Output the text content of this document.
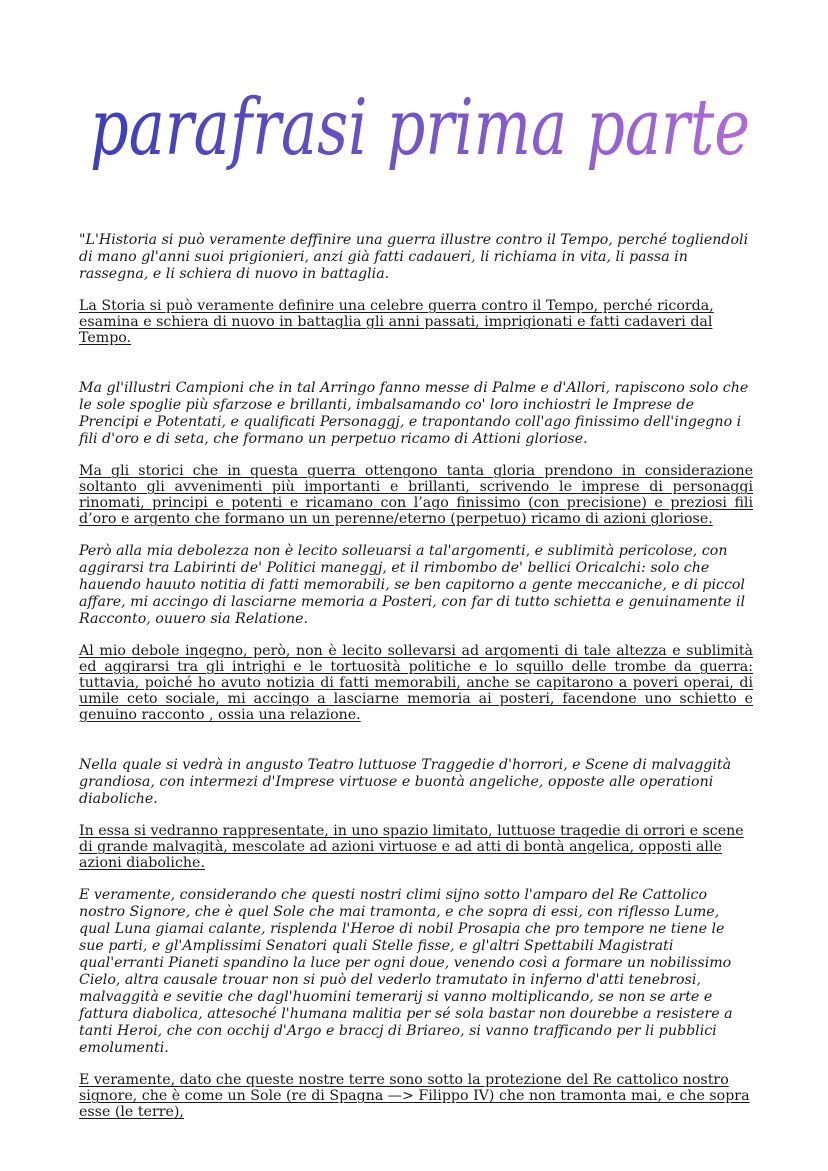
parafrasi prima parte

"L'Historia si può veramente deffinire una guerra illustre contro il Tempo, perché togliendoli di mano gl'anni suoi prigionieri, anzi già fatti cadaueri, li richiama in vita, li passa in rassegna, e li schiera di nuovo in battaglia.

La Storia si può veramente definire una celebre guerra contro il Tempo, perché ricorda, esamina e schiera di nuovo in battaglia gli anni passati, imprigionati e fatti cadaveri dal Tempo.

Ma gl'illustri Campioni che in tal Arringo fanno messe di Palme e d'Allori, rapiscono solo che le sole spoglie più sfarzose e brillanti, imbalsamando co' loro inchiostri le Imprese de Prencipi e Potentati, e qualificati Personaggj, e trapontando coll'ago finissimo dell'ingegno i fili d'oro e di seta, che formano un perpetuo ricamo di Attioni gloriose.

Ma gli storici che in questa guerra ottengono tanta gloria prendono in considerazione soltanto gli avvenimenti più importanti e brillanti, scrivendo le imprese di personaggi rinomati, principi e potenti e ricamano con l’ago finissimo (con precisione) e preziosi fili d’oro e argento che formano un un perenne/eterno (perpetuo) ricamo di azioni gloriose.

Però alla mia debolezza non è lecito solleuarsi a tal'argomenti, e sublimità pericolose, con aggirarsi tra Labirinti de' Politici maneggj, et il rimbombo de' bellici Oricalchi: solo che hauendo hauuto notitia di fatti memorabili, se ben capitorno a gente meccaniche, e di piccol affare, mi accingo di lasciarne memoria a Posteri, con far di tutto schietta e genuinamente il Racconto, ouuero sia Relatione.

Al mio debole ingegno, però, non è lecito sollevarsi ad argomenti di tale altezza e sublimità ed aggirarsi tra gli intrighi e le tortuosità politiche e lo squillo delle trombe da guerra: tuttavia, poiché ho avuto notizia di fatti memorabili, anche se capitarono a poveri operai, di umile ceto sociale, mi accingo a lasciarne memoria ai posteri, facendone uno schietto e genuino racconto , ossia una relazione.

Nella quale si vedrà in angusto Teatro luttuose Traggedie d'horrori, e Scene di malvaggità grandiosa, con intermezi d'Imprese virtuose e buontà angeliche, opposte alle operationi diaboliche.

In essa si vedranno rappresentate, in uno spazio limitato, luttuose tragedie di orrori e scene di grande malvagità, mescolate ad azioni virtuose e ad atti di bontà angelica, opposti alle azioni diaboliche.

E veramente, considerando che questi nostri climi sijno sotto l'amparo del Re Cattolico nostro Signore, che è quel Sole che mai tramonta, e che sopra di essi, con riflesso Lume, qual Luna giamai calante, risplenda l'Heroe di nobil Prosapia che pro tempore ne tiene le sue parti, e gl'Amplissimi Senatori quali Stelle fisse, e gl'altri Spettabili Magistrati qual'erranti Pianeti spandino la luce per ogni doue, venendo così a formare un nobilissimo Cielo, altra causale trouar non si può del vederlo tramutato in inferno d'atti tenebrosi, malvaggità e sevitie che dagl'huomini temerarij si vanno moltiplicando, se non se arte e fattura diabolica, attesoché l'humana malitia per sé sola bastar non dourebbe a resistere a tanti Heroi, che con occhij d'Argo e braccj di Briareo, si vanno trafficando per li pubblici emolumenti.

E veramente, dato che queste nostre terre sono sotto la protezione del Re cattolico nostro signore, che è come un Sole (re di Spagna —> Filippo IV) che non tramonta mai, e che sopra esse (le terre),
